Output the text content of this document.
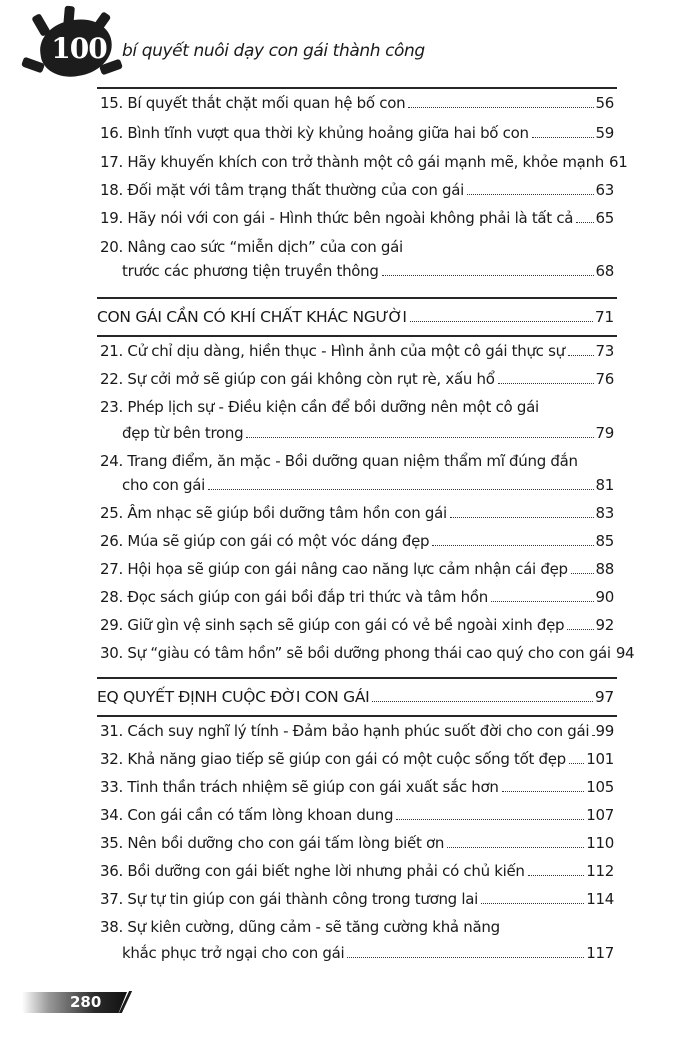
100 bí quyết nuôi dạy con gái thành công
15. Bí quyết thắt chặt mối quan hệ bố con	56
16. Bình tĩnh vượt qua thời kỳ khủng hoảng giữa hai bố con	59
17. Hãy khuyến khích con trở thành một cô gái mạnh mẽ, khỏe mạnh 61
18. Đối mặt với tâm trạng thất thường của con gái	63
19. Hãy nói với con gái - Hình thức bên ngoài không phải là tất cả 65
20. Nâng cao sức “miễn dịch” của con gái
trước các phương tiện truyền thông	68
CON GÁI CẦN CÓ KHÍ CHẤT KHÁC NGƯỜI	71
21. Cử chỉ dịu dàng, hiền thục - Hình ảnh của một cô gái thực sự 73
22. Sự cởi mở sẽ giúp con gái không còn rụt rè, xấu hổ	76
23. Phép lịch sự - Điều kiện cần để bồi dưỡng nên một cô gái
đẹp từ bên trong	79
24. Trang điểm, ăn mặc - Bồi dưỡng quan niệm thẩm mĩ đúng đắn
cho con gái	81
25. Âm nhạc sẽ giúp bồi dưỡng tâm hồn con gái	83
26. Múa sẽ giúp con gái có một vóc dáng đẹp	85
27. Hội họa sẽ giúp con gái nâng cao năng lực cảm nhận cái đẹp 88
28. Đọc sách giúp con gái bồi đắp tri thức và tâm hồn	90
29. Giữ gìn vệ sinh sạch sẽ giúp con gái có vẻ bề ngoài xinh đẹp 92
30. Sự “giàu có tâm hồn” sẽ bồi dưỡng phong thái cao quý cho con gái 94
EQ QUYẾT ĐỊNH CUỘC ĐỜI CON GÁI	97
31. Cách suy nghĩ lý tính - Đảm bảo hạnh phúc suốt đời cho con gái 99
32. Khả năng giao tiếp sẽ giúp con gái có một cuộc sống tốt đẹp 101
33. Tinh thần trách nhiệm sẽ giúp con gái xuất sắc hơn	105
34. Con gái cần có tấm lòng khoan dung	107
35. Nên bồi dưỡng cho con gái tấm lòng biết ơn	110
36. Bồi dưỡng con gái biết nghe lời nhưng phải có chủ kiến	112
37. Sự tự tin giúp con gái thành công trong tương lai	114
38. Sự kiên cường, dũng cảm - sẽ tăng cường khả năng
khắc phục trở ngại cho con gái	117
280
